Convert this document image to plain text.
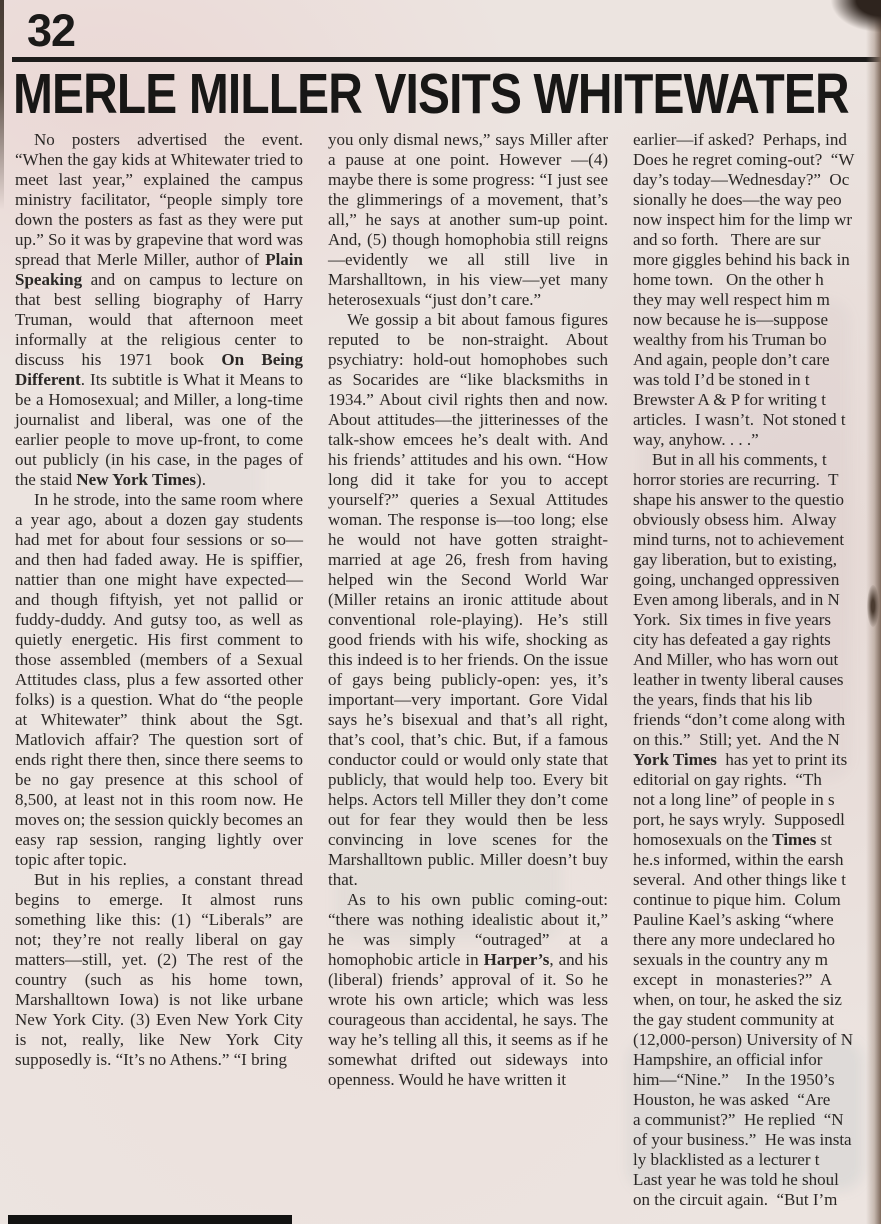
32
MERLE MILLER VISITS WHITEWATER

No posters advertised the event. “When the gay kids at Whitewater tried to meet last year,” explained the campus ministry facilitator, “people simply tore down the posters as fast as they were put up.” So it was by grapevine that word was spread that Merle Miller, author of Plain Speaking and on campus to lecture on that best selling biography of Harry Truman, would that afternoon meet informally at the religious center to discuss his 1971 book On Being Different. Its subtitle is What it Means to be a Homosexual; and Miller, a long-time journalist and liberal, was one of the earlier people to move up-front, to come out publicly (in his case, in the pages of the staid New York Times).

In he strode, into the same room where a year ago, about a dozen gay students had met for about four sessions or so—and then had faded away. He is spiffier, nattier than one might have expected—and though fiftyish, yet not pallid or fuddy-duddy. And gutsy too, as well as quietly energetic. His first comment to those assembled (members of a Sexual Attitudes class, plus a few assorted other folks) is a question. What do “the people at Whitewater” think about the Sgt. Matlovich affair? The question sort of ends right there then, since there seems to be no gay presence at this school of 8,500, at least not in this room now. He moves on; the session quickly becomes an easy rap session, ranging lightly over topic after topic.

But in his replies, a constant thread begins to emerge. It almost runs something like this: (1) “Liberals” are not; they’re not really liberal on gay matters—still, yet. (2) The rest of the country (such as his home town, Marshalltown Iowa) is not like urbane New York City. (3) Even New York City is not, really, like New York City supposedly is. “It’s no Athens.” “I bring

you only dismal news,” says Miller after a pause at one point. However —(4) maybe there is some progress: “I just see the glimmerings of a movement, that’s all,” he says at another sum-up point. And, (5) though homophobia still reigns—evidently we all still live in Marshalltown, in his view—yet many heterosexuals “just don’t care.”

We gossip a bit about famous figures reputed to be non-straight. About psychiatry: hold-out homophobes such as Socarides are “like blacksmiths in 1934.” About civil rights then and now. About attitudes—the jitterinesses of the talk-show emcees he’s dealt with. And his friends’ attitudes and his own. “How long did it take for you to accept yourself?” queries a Sexual Attitudes woman. The response is—too long; else he would not have gotten straight-married at age 26, fresh from having helped win the Second World War (Miller retains an ironic attitude about conventional role-playing). He’s still good friends with his wife, shocking as this indeed is to her friends. On the issue of gays being publicly-open: yes, it’s important—very important. Gore Vidal says he’s bisexual and that’s all right, that’s cool, that’s chic. But, if a famous conductor could or would only state that publicly, that would help too. Every bit helps. Actors tell Miller they don’t come out for fear they would then be less convincing in love scenes for the Marshalltown public. Miller doesn’t buy that.

As to his own public coming-out: “there was nothing idealistic about it,” he was simply “outraged” at a homophobic article in Harper’s, and his (liberal) friends’ approval of it. So he wrote his own article; which was less courageous than accidental, he says. The way he’s telling all this, it seems as if he somewhat drifted out sideways into openness. Would he have written it

earlier—if asked?  Perhaps, ind
Does he regret coming-out?  “W
day’s today—Wednesday?”  Oc
sionally he does—the way peo
now inspect him for the limp wr
and so forth.   There are sur
more giggles behind his back in
home town.   On the other h
they may well respect him m
now because he is—suppose
wealthy from his Truman bo
And again, people don’t care
was told I’d be stoned in t
Brewster A & P for writing t
articles.  I wasn’t.  Not stoned t
way, anyhow. . . .”
But in all his comments, t
horror stories are recurring.  T
shape his answer to the questio
obviously obsess him.  Alway
mind turns, not to achievement
gay liberation, but to existing,
going, unchanged oppressiven
Even among liberals, and in N
York.  Six times in five years
city has defeated a gay rights
And Miller, who has worn out
leather in twenty liberal causes
the years, finds that his lib
friends “don’t come along with
on this.”  Still; yet.  And the N
York Times  has yet to print its
editorial on gay rights.  “Th
not a long line” of people in s
port, he says wryly.  Supposedl
homosexuals on the Times st
he.s informed, within the earsh
several.  And other things like t
continue to pique him.  Colum
Pauline Kael’s asking “where
there any more undeclared ho
sexuals in the country any m
except   in   monasteries?”  A
when, on tour, he asked the siz
the gay student community at
(12,000-person) University of N
Hampshire, an official infor
him—“Nine.”    In the 1950’s
Houston, he was asked  “Are
a communist?”  He replied  “N
of your business.”  He was insta
ly blacklisted as a lecturer t
Last year he was told he shoul
on the circuit again.  “But I’m
